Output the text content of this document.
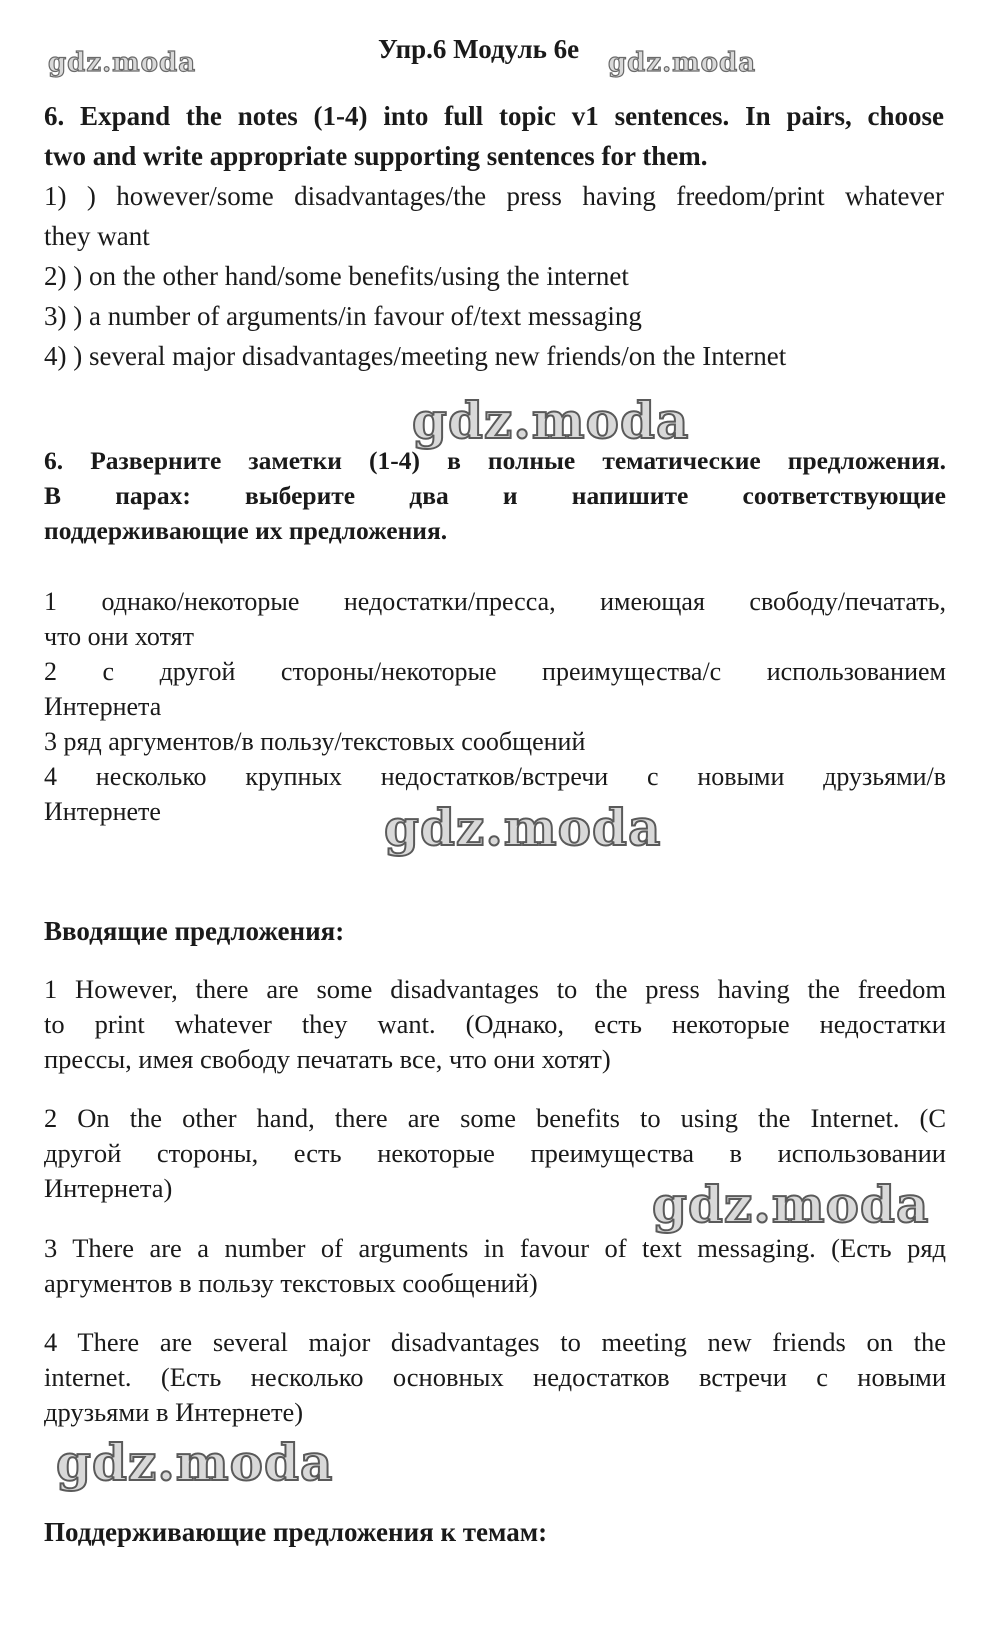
Упр.6 Модуль 6e
gdz.moda	gdz.moda
gdz.moda
gdz.moda
gdz.moda
gdz.moda
6. Expand the notes (1-4) into full topic v1 sentences. In pairs, choose
two and write appropriate supporting sentences for them.
1) ) however/some disadvantages/the press having freedom/print whatever
they want
2) ) on the other hand/some benefits/using the internet
3) ) a number of arguments/in favour of/text messaging
4) ) several major disadvantages/meeting new friends/on the Internet
6. Разверните заметки (1-4) в полные тематические предложения.
В парах: выберите два и напишите соответствующие
поддерживающие их предложения.
1 однако/некоторые недостатки/пресса, имеющая свободу/печатать,
что они хотят
2 с другой стороны/некоторые преимущества/с использованием
Интернета
3 ряд аргументов/в пользу/текстовых сообщений
4 несколько крупных недостатков/встречи с новыми друзьями/в
Интернете
Вводящие предложения:
1 However, there are some disadvantages to the press having the freedom
to print whatever they want. (Однако, есть некоторые недостатки
прессы, имея свободу печатать все, что они хотят)
2 On the other hand, there are some benefits to using the Internet. (С
другой стороны, есть некоторые преимущества в использовании
Интернета)
3 There are a number of arguments in favour of text messaging. (Есть ряд
аргументов в пользу текстовых сообщений)
4 There are several major disadvantages to meeting new friends on the
internet. (Есть несколько основных недостатков встречи с новыми
друзьями в Интернете)
Поддерживающие предложения к темам:
